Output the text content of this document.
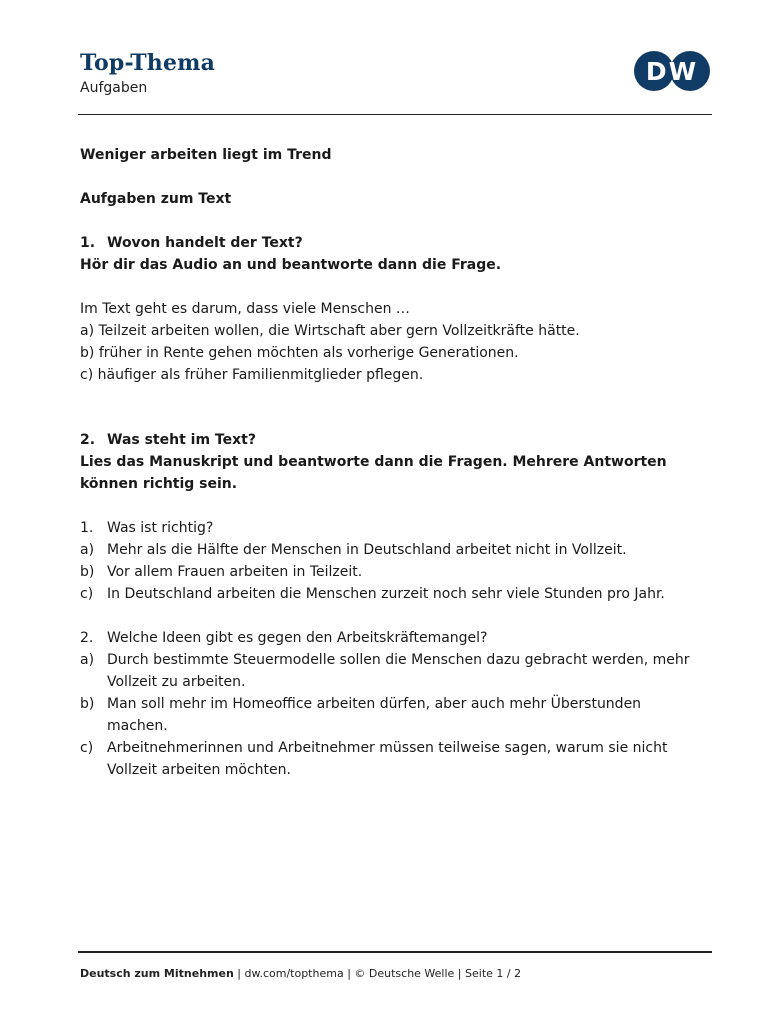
Top-Thema
Aufgaben
DW
Weniger arbeiten liegt im Trend
Aufgaben zum Text
1. Wovon handelt der Text?
Hör dir das Audio an und beantworte dann die Frage.
Im Text geht es darum, dass viele Menschen …
a) Teilzeit arbeiten wollen, die Wirtschaft aber gern Vollzeitkräfte hätte.
b) früher in Rente gehen möchten als vorherige Generationen.
c) häufiger als früher Familienmitglieder pflegen.
2. Was steht im Text?
Lies das Manuskript und beantworte dann die Fragen. Mehrere Antworten
können richtig sein.
1. Was ist richtig?
a) Mehr als die Hälfte der Menschen in Deutschland arbeitet nicht in Vollzeit.
b) Vor allem Frauen arbeiten in Teilzeit.
c) In Deutschland arbeiten die Menschen zurzeit noch sehr viele Stunden pro Jahr.
2. Welche Ideen gibt es gegen den Arbeitskräftemangel?
a) Durch bestimmte Steuermodelle sollen die Menschen dazu gebracht werden, mehr
Vollzeit zu arbeiten.
b) Man soll mehr im Homeoffice arbeiten dürfen, aber auch mehr Überstunden
machen.
c) Arbeitnehmerinnen und Arbeitnehmer müssen teilweise sagen, warum sie nicht
Vollzeit arbeiten möchten.
Deutsch zum Mitnehmen | dw.com/topthema | © Deutsche Welle | Seite 1 / 2
